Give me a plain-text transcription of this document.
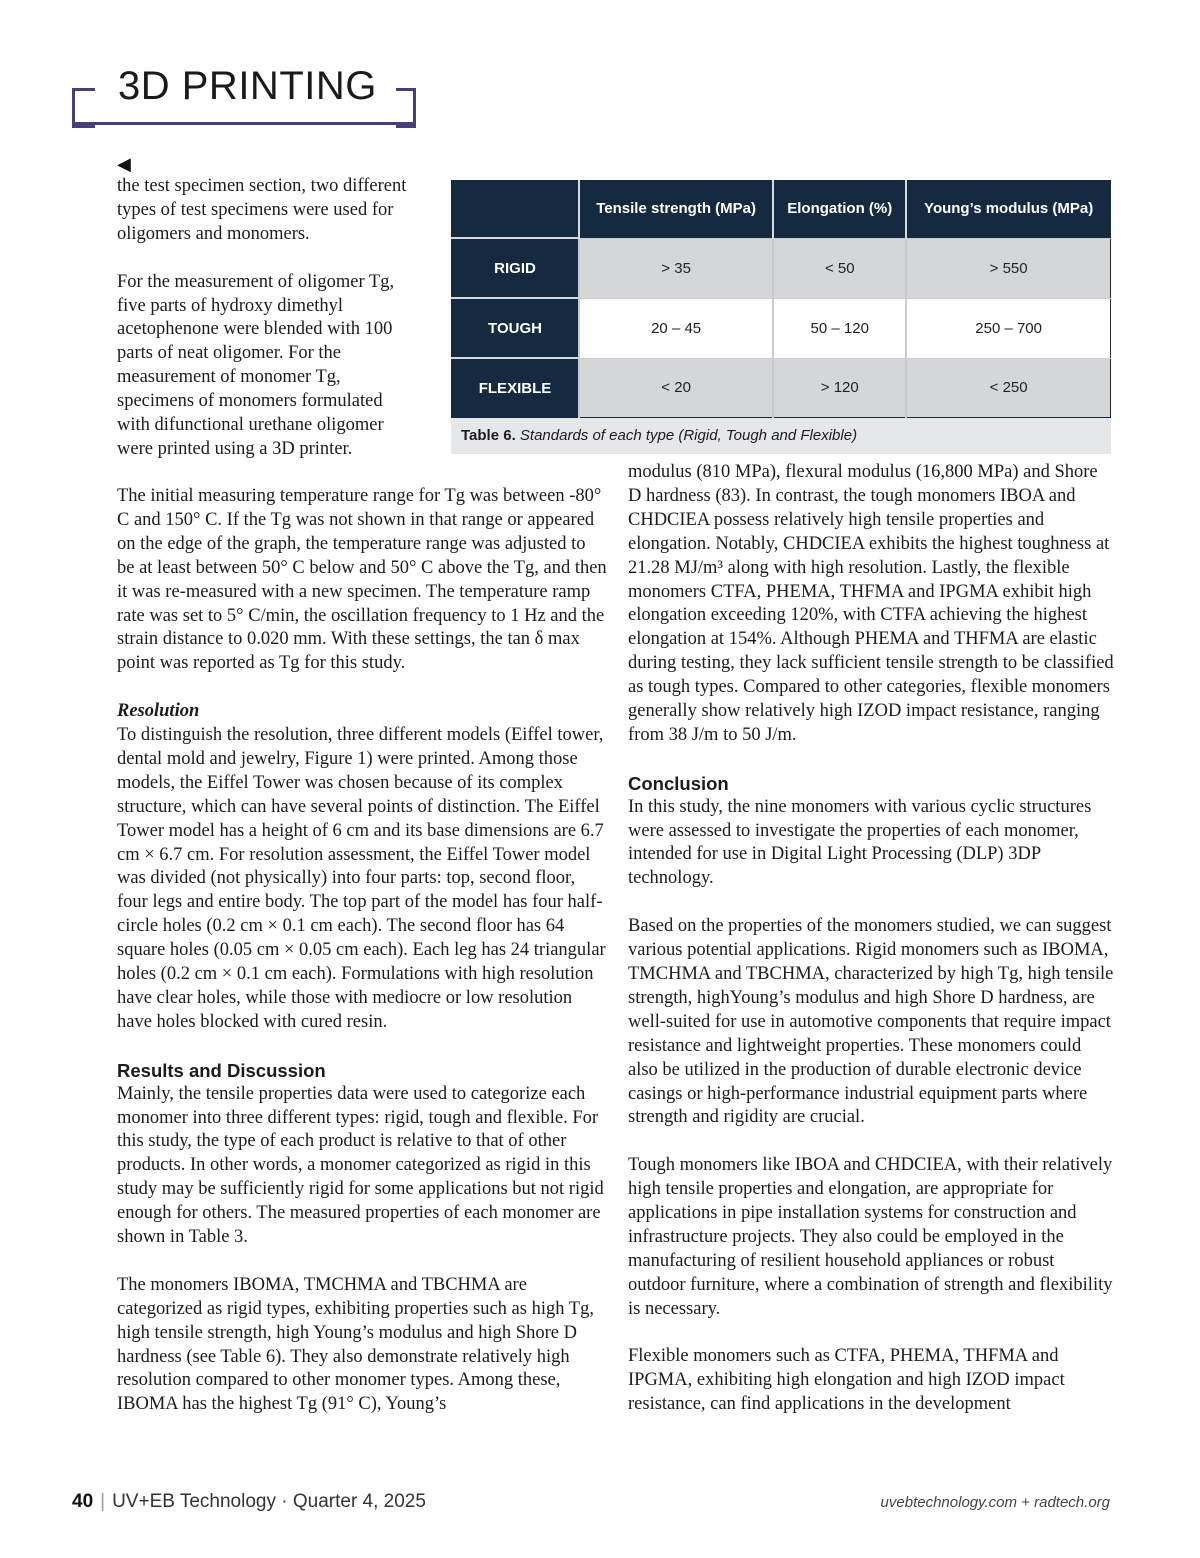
3D PRINTING
◀

the test specimen section, two different types of test specimens were used for oligomers and monomers.

For the measurement of oligomer Tg, five parts of hydroxy dimethyl acetophenone were blended with 100 parts of neat oligomer. For the measurement of monomer Tg, specimens of monomers formulated with difunctional urethane oligomer were printed using a 3D printer.

	Tensile strength (MPa)	Elongation (%)	Young’s modulus (MPa)
RIGID	> 35	< 50	> 550
TOUGH	20 – 45	50 – 120	250 – 700
FLEXIBLE	< 20	> 120	< 250
Table 6. Standards of each type (Rigid, Tough and Flexible)

The initial measuring temperature range for Tg was between -80° C and 150° C. If the Tg was not shown in that range or appeared on the edge of the graph, the temperature range was adjusted to be at least between 50° C below and 50° C above the Tg, and then it was re-measured with a new specimen. The temperature ramp rate was set to 5° C/min, the oscillation frequency to 1 Hz and the strain distance to 0.020 mm. With these settings, the tan δ max point was reported as Tg for this study.

Resolution

To distinguish the resolution, three different models (Eiffel tower, dental mold and jewelry, Figure 1) were printed. Among those models, the Eiffel Tower was chosen because of its complex structure, which can have several points of distinction. The Eiffel Tower model has a height of 6 cm and its base dimensions are 6.7 cm × 6.7 cm. For resolution assessment, the Eiffel Tower model was divided (not physically) into four parts: top, second floor, four legs and entire body. The top part of the model has four half-circle holes (0.2 cm × 0.1 cm each). The second floor has 64 square holes (0.05 cm × 0.05 cm each). Each leg has 24 triangular holes (0.2 cm × 0.1 cm each). Formulations with high resolution have clear holes, while those with mediocre or low resolution have holes blocked with cured resin.

Results and Discussion

Mainly, the tensile properties data were used to categorize each monomer into three different types: rigid, tough and flexible. For this study, the type of each product is relative to that of other products. In other words, a monomer categorized as rigid in this study may be sufficiently rigid for some applications but not rigid enough for others. The measured properties of each monomer are shown in Table 3.

The monomers IBOMA, TMCHMA and TBCHMA are categorized as rigid types, exhibiting properties such as high Tg, high tensile strength, high Young’s modulus and high Shore D hardness (see Table 6). They also demonstrate relatively high resolution compared to other monomer types. Among these, IBOMA has the highest Tg (91° C), Young’s

modulus (810 MPa), flexural modulus (16,800 MPa) and Shore D hardness (83). In contrast, the tough monomers IBOA and CHDCIEA possess relatively high tensile properties and elongation. Notably, CHDCIEA exhibits the highest toughness at 21.28 MJ/m³ along with high resolution. Lastly, the flexible monomers CTFA, PHEMA, THFMA and IPGMA exhibit high elongation exceeding 120%, with CTFA achieving the highest elongation at 154%. Although PHEMA and THFMA are elastic during testing, they lack sufficient tensile strength to be classified as tough types. Compared to other categories, flexible monomers generally show relatively high IZOD impact resistance, ranging from 38 J/m to 50 J/m.

Conclusion

In this study, the nine monomers with various cyclic structures were assessed to investigate the properties of each monomer, intended for use in Digital Light Processing (DLP) 3DP technology.

Based on the properties of the monomers studied, we can suggest various potential applications. Rigid monomers such as IBOMA, TMCHMA and TBCHMA, characterized by high Tg, high tensile strength, highYoung’s modulus and high Shore D hardness, are well-suited for use in automotive components that require impact resistance and lightweight properties. These monomers could also be utilized in the production of durable electronic device casings or high-performance industrial equipment parts where strength and rigidity are crucial.

Tough monomers like IBOA and CHDCIEA, with their relatively high tensile properties and elongation, are appropriate for applications in pipe installation systems for construction and infrastructure projects. They also could be employed in the manufacturing of resilient household appliances or robust outdoor furniture, where a combination of strength and flexibility is necessary.

Flexible monomers such as CTFA, PHEMA, THFMA and IPGMA, exhibiting high elongation and high IZOD impact resistance, can find applications in the development

40 | UV+EB Technology · Quarter 4, 2025	uvebtechnology.com + radtech.org
